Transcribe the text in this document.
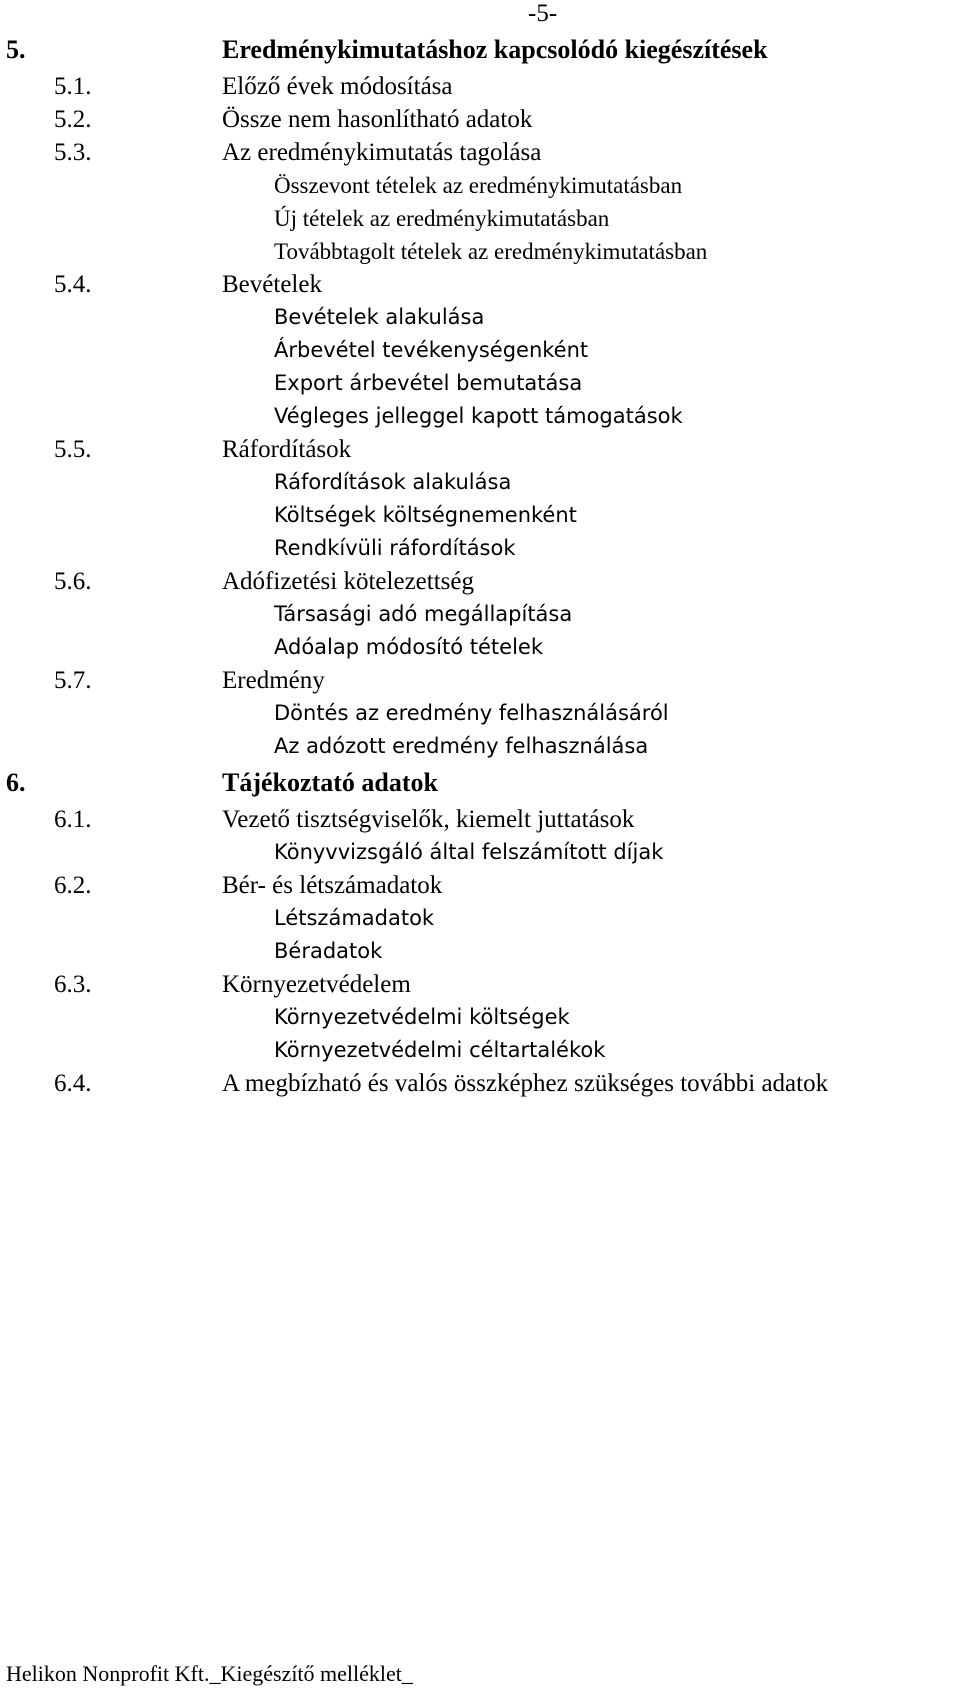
-5-
5.	Eredménykimutatáshoz kapcsolódó kiegészítések
5.1.	Előző évek módosítása
5.2.	Össze nem hasonlítható adatok
5.3.	Az eredménykimutatás tagolása
Összevont tételek az eredménykimutatásban
Új tételek az eredménykimutatásban
Továbbtagolt tételek az eredménykimutatásban
5.4.	Bevételek
Bevételek alakulása
Árbevétel tevékenységenként
Export árbevétel bemutatása
Végleges jelleggel kapott támogatások
5.5.	Ráfordítások
Ráfordítások alakulása
Költségek költségnemenként
Rendkívüli ráfordítások
5.6.	Adófizetési kötelezettség
Társasági adó megállapítása
Adóalap módosító tételek
5.7.	Eredmény
Döntés az eredmény felhasználásáról
Az adózott eredmény felhasználása
6.	Tájékoztató adatok
6.1.	Vezető tisztségviselők, kiemelt juttatások
Könyvvizsgáló által felszámított díjak
6.2.	Bér- és létszámadatok
Létszámadatok
Béradatok
6.3.	Környezetvédelem
Környezetvédelmi költségek
Környezetvédelmi céltartalékok
6.4.	A megbízható és valós összképhez szükséges további adatok
Helikon Nonprofit Kft._Kiegészítő melléklet_
